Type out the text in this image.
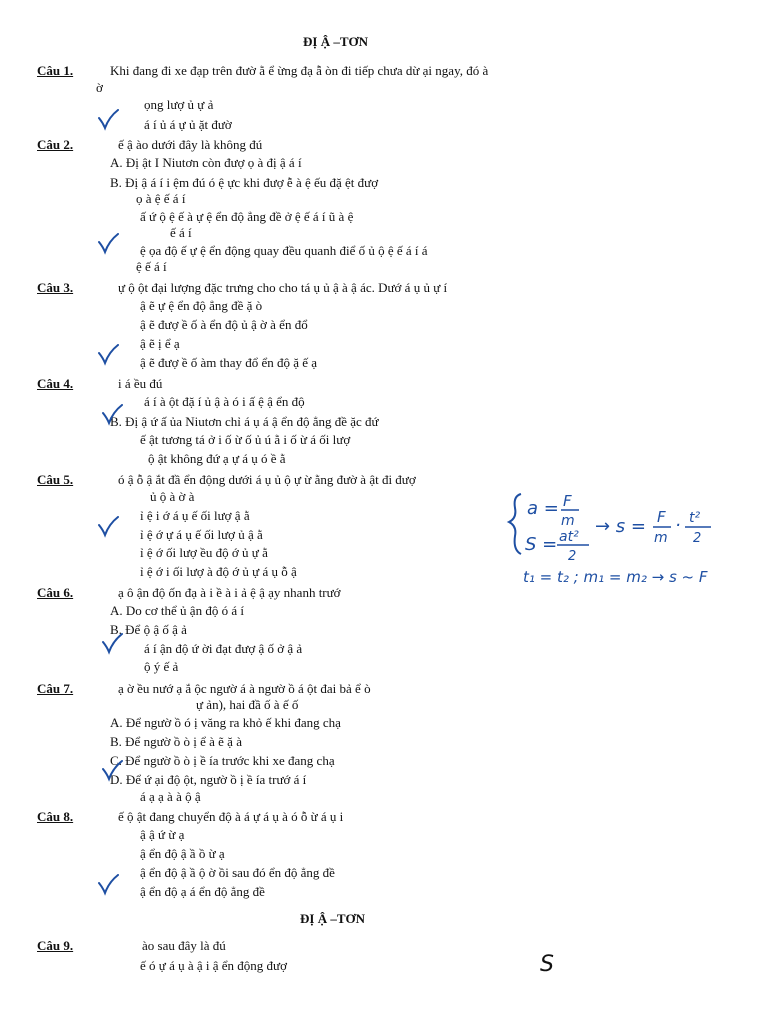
ĐỊ Ậ –TƠN
Câu 1.	Khi đang đi xe đạp trên đườ ằ ể ừng đạ ẫ òn đi tiếp chưa dừ ại ngay, đó à
ờ
ọng lượ ủ ự ả
á í ủ á ự ủ ặt đườ
Câu 2.	ế ậ ào dưới đây là không đú
A. Đị ật I Niutơn còn đượ ọ à đị ậ á í
B. Đị ậ á í i ệm đú ó ệ ực khi đượ ễ à ệ ếu đặ ệt đượ
ọ à ệ ế á í
ấ ứ ộ ệ ế à ự ệ ển độ ẳng đề ở ệ ế á í ũ à ệ
ế á í
ệ ọa độ ế ự ệ ển động quay đều quanh điể ố ủ ộ ệ ế á í á
ệ ế á í
Câu 3.	ự ộ ột đại lượng đặc trưng cho cho tá ụ ủ ậ à ậ ác. Dướ á ụ ủ ự í
ậ ẽ ự ệ ển độ ẳng đề ặ ò
ậ ẽ đượ ề ố à ển độ ủ ậ ờ à ển đổ
ậ ẽ ị ể ạ
ậ ẽ đượ ề ố àm thay đổ ển độ ặ ế ạ
Câu 4.	i á ều đú
á í à ột đặ í ủ ậ à ó i ấ ệ ậ ển độ
B. Đị ậ ứ ấ ủa Niutơn chỉ á ụ á ậ ển độ ẳng đề ặc đứ
ế ật tương tá ở i ố ừ ố ủ ú ằ i ố ừ á ối lượ
ộ ật không đứ ạ ự á ụ ó ề ằ
Câu 5.	ó ậ ỗ ậ ắt đầ ển động dưới á ụ ủ ộ ự ừ ằng đườ à ật đi đượ
ủ ộ à ờ à
ỉ ệ i ớ á ụ ế ối lượ ậ ằ
ỉ ệ ớ ự á ụ ế ối lượ ủ ậ ằ
ỉ ệ ớ ối lượ ều độ ớ ủ ự ằ
ỉ ệ ớ i ối lượ à độ ớ ủ ự á ụ ỗ ậ
Câu 6.	ạ ô ận độ ốn đạ à i ề à i ả ệ ậ ạy nhanh trướ
A. Do cơ thể ủ ận độ ó á í
B. Để ộ ậ ố ậ ả
á í ận độ ứ ời đạt đượ ậ ố ở ậ ả
ộ ý ế ả
Câu 7.	ạ ờ ều nướ ạ ắ ộc ngườ á à ngườ ồ á ột đai bả ể ò
ự ản), hai đầ ố à ế ố
A. Để ngườ ồ ó ị văng ra khỏ ế khi đang chạ
B. Để ngườ ồ ò ị ể à ẽ ặ à
C. Để ngườ ồ ò ị ề ía trước khi xe đang chạ
D. Để ứ ại độ ột, ngườ ồ ị ề ía trướ á í
á ạ ạ à à ộ ậ
Câu 8.	ế ộ ật đang chuyển độ à á ự á ụ à ó ỗ ừ á ụ i
ậ ậ ứ ừ ạ
ậ ển độ ậ ầ ồ ừ ạ
ậ ển độ ậ ầ ộ ờ ồi sau đó ển độ ẳng đề
ậ ển độ ạ á ển độ ẳng đề
ĐỊ Ậ –TƠN
Câu 9.	ào sau đây là đú
ế ó ự á ụ à ậ i ậ ển động đượ
a = F
m
S = at²
2
→ s = F
m
· t²
2
t₁ = t₂ ; m₁ = m₂ → s ~ F
S
